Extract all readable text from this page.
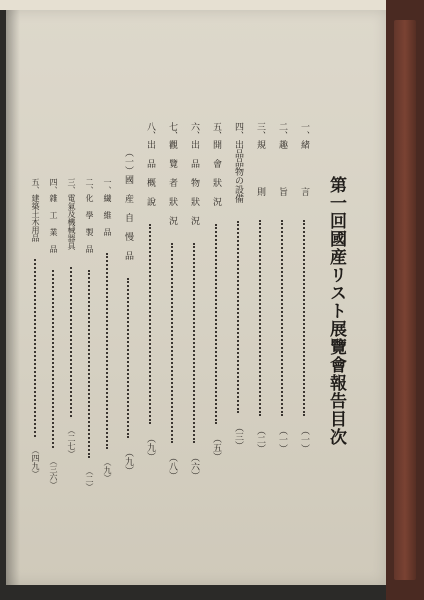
第一回國産リスト展覽會報告目次
一、緒 言  （一）
二、趣 旨  （一）
三、規 則  （二）
四、出品品物の設備  （三）
五、開 會 狀 況  （五）
六、出 品 物 狀 況  （六）
七、觀 覽 者 狀 況  （八）
八、出 品 概 說  （九）
（一）國 産 自 慢 品  （九）
一、繊 維 品  （九）
二、化 學 製 品  （二）
三、電氣及機械器具  （二七）
四、雜 工 業 品  （三六）
五、建築土木用品  （四九）
